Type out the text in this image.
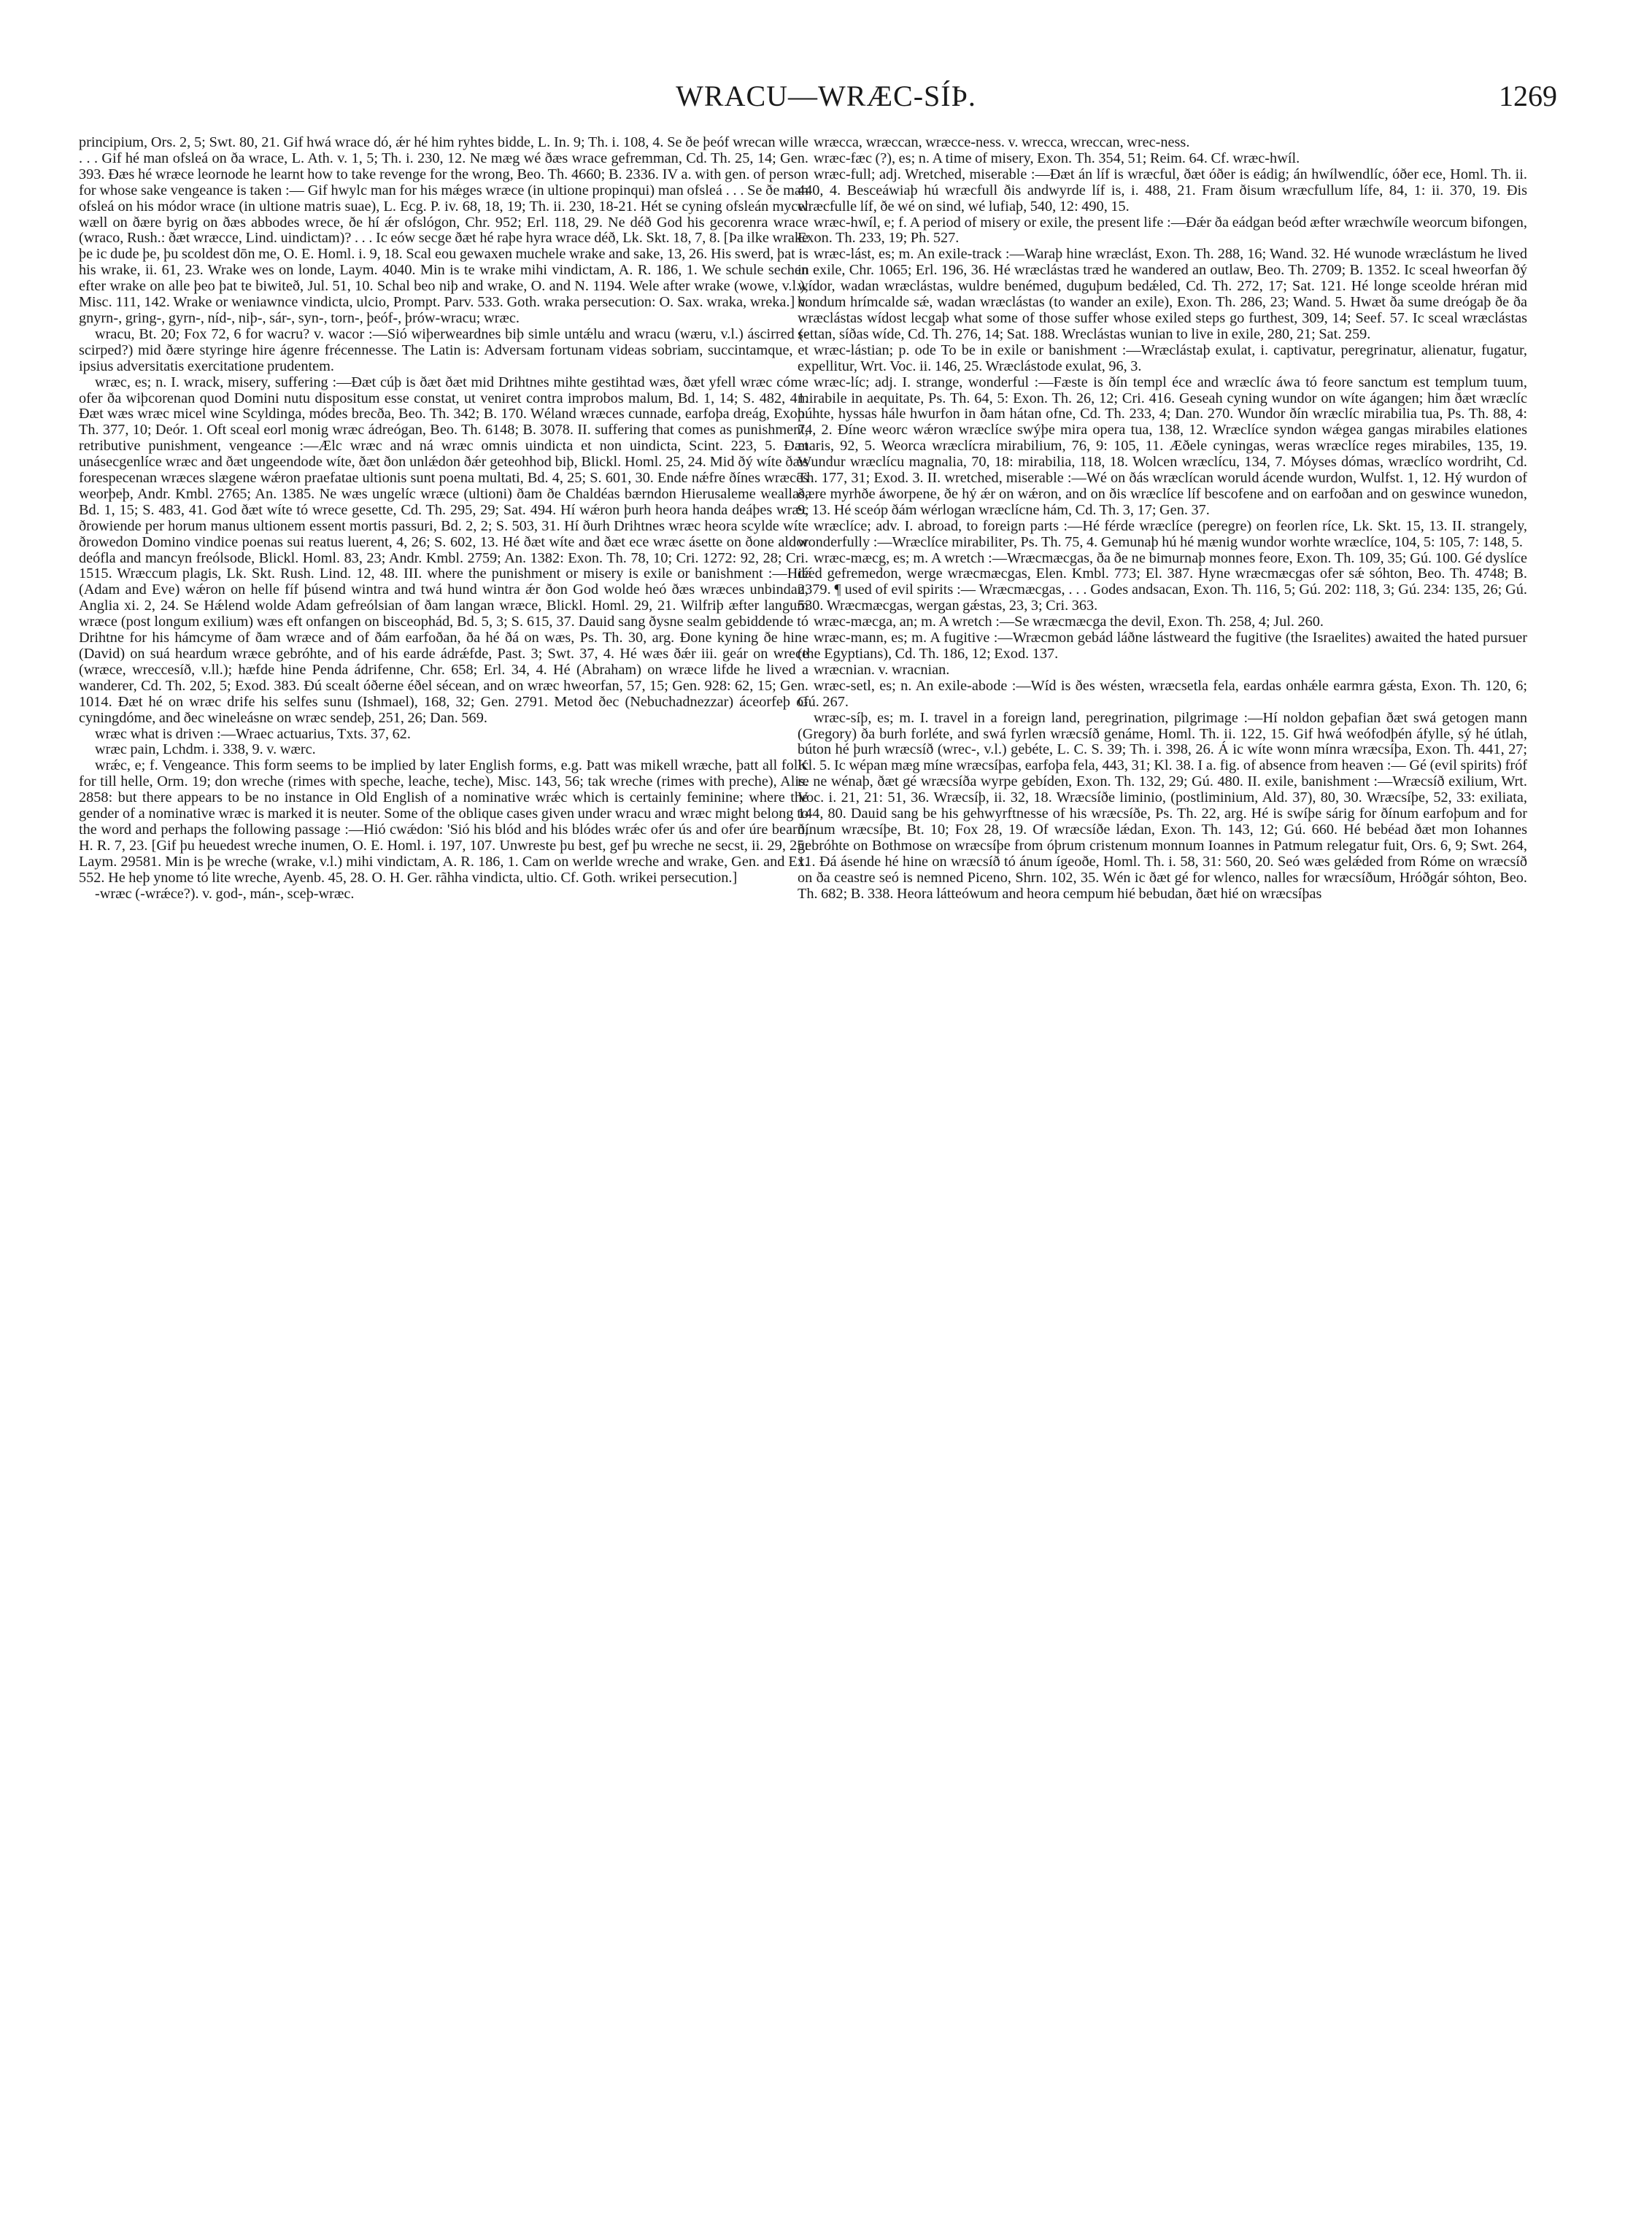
WRACU—WRÆC-SÍÞ.	1269

principium, Ors. 2, 5; Swt. 80, 21. Gif hwá wrace dó, ǽr hé him ryhtes bidde, L. In. 9; Th. i. 108, 4. Se ðe þeóf wrecan wille . . . Gif hé man ofsleá on ða wrace, L. Ath. v. 1, 5; Th. i. 230, 12. Ne mæg wé ðæs wrace gefremman, Cd. Th. 25, 14; Gen. 393. Ðæs hé wræce leornode he learnt how to take revenge for the wrong, Beo. Th. 4660; B. 2336. IV a. with gen. of person for whose sake vengeance is taken :— Gif hwylc man for his mǽges wræce (in ultione propinqui) man ofsleá . . . Se ðe man ofsleá on his módor wrace (in ultione matris suae), L. Ecg. P. iv. 68, 18, 19; Th. ii. 230, 18-21. Hét se cyning ofsleán mycel wæll on ðære byrig on ðæs abbodes wrece, ðe hí ǽr ofslógon, Chr. 952; Erl. 118, 29. Ne déð God his gecorenra wrace (wraco, Rush.: ðæt wræcce, Lind. uindictam)? . . . Ic eów secge ðæt hé raþe hyra wrace déð, Lk. Skt. 18, 7, 8. [Þa ilke wrake þe ic dude þe, þu scoldest dōn me, O. E. Homl. i. 9, 18. Scal eou gewaxen muchele wrake and sake, 13, 26. His swerd, þat is his wrake, ii. 61, 23. Wrake wes on londe, Laym. 4040. Min is te wrake mihi vindictam, A. R. 186, 1. We schule sechen efter wrake on alle þeo þat te biwiteð, Jul. 51, 10. Schal beo niþ and wrake, O. and N. 1194. Wele after wrake (wowe, v.l.), Misc. 111, 142. Wrake or weniawnce vindicta, ulcio, Prompt. Parv. 533. Goth. wraka persecution: O. Sax. wraka, wreka.] v. gnyrn-, gring-, gyrn-, níd-, niþ-, sár-, syn-, torn-, þeóf-, þrów-wracu; wræc.

wracu, Bt. 20; Fox 72, 6 for wacru? v. wacor :—Sió wiþerweardnes biþ simle untǽlu and wracu (wæru, v.l.) áscirred (-scirped?) mid ðære styringe hire ágenre frécennesse. The Latin is: Adversam fortunam videas sobriam, succintamque, et ipsius adversitatis exercitatione prudentem.

wræc, es; n. I. wrack, misery, suffering :—Ðæt cúþ is ðæt ðæt mid Drihtnes mihte gestihtad wæs, ðæt yfell wræc cóme ofer ða wiþcorenan quod Domini nutu dispositum esse constat, ut veniret contra improbos malum, Bd. 1, 14; S. 482, 41. Ðæt wæs wræc micel wine Scyldinga, módes brecða, Beo. Th. 342; B. 170. Wéland wræces cunnade, earfoþa dreág, Exon. Th. 377, 10; Deór. 1. Oft sceal eorl monig wræc ádreógan, Beo. Th. 6148; B. 3078. II. suffering that comes as punishment, retributive punishment, vengeance :—Ælc wræc and ná wræc omnis uindicta et non uindicta, Scint. 223, 5. Ðæt unásecgenlíce wræc and ðæt ungeendode wíte, ðæt ðon unlǽdon ðǽr geteohhod biþ, Blickl. Homl. 25, 24. Mid ðý wíte ðæs forespecenan wræces slægene wǽron praefatae ultionis sunt poena multati, Bd. 4, 25; S. 601, 30. Ende nǽfre ðínes wræces weorþeþ, Andr. Kmbl. 2765; An. 1385. Ne wæs ungelíc wræce (ultioni) ðam ðe Chaldéas bærndon Hierusaleme weallas, Bd. 1, 15; S. 483, 41. God ðæt wíte tó wrece gesette, Cd. Th. 295, 29; Sat. 494. Hí wǽron þurh heora handa deáþes wræc ðrowiende per horum manus ultionem essent mortis passuri, Bd. 2, 2; S. 503, 31. Hí ðurh Drihtnes wræc heora scylde wíte ðrowedon Domino vindice poenas sui reatus luerent, 4, 26; S. 602, 13. Hé ðæt wíte and ðæt ece wræc ásette on ðone aldor deófla and mancyn freólsode, Blickl. Homl. 83, 23; Andr. Kmbl. 2759; An. 1382: Exon. Th. 78, 10; Cri. 1272: 92, 28; Cri. 1515. Wræccum plagis, Lk. Skt. Rush. Lind. 12, 48. III. where the punishment or misery is exile or banishment :—Hié (Adam and Eve) wǽron on helle fíf þúsend wintra and twá hund wintra ǽr ðon God wolde heó ðæs wræces unbindan, Anglia xi. 2, 24. Se Hǽlend wolde Adam gefreólsian of ðam langan wræce, Blickl. Homl. 29, 21. Wilfriþ æfter langum wræce (post longum exilium) wæs eft onfangen on bisceophád, Bd. 5, 3; S. 615, 37. Dauid sang ðysne sealm gebiddende tó Drihtne for his hámcyme of ðam wræce and of ðám earfoðan, ða hé ðá on wæs, Ps. Th. 30, arg. Ðone kyning ðe hine (David) on suá heardum wræce gebróhte, and of his earde ádrǽfde, Past. 3; Swt. 37, 4. Hé wæs ðǽr iii. geár on wrece (wræce, wreccesíð, v.ll.); hæfde hine Penda ádrifenne, Chr. 658; Erl. 34, 4. Hé (Abraham) on wræce lifde he lived a wanderer, Cd. Th. 202, 5; Exod. 383. Ðú scealt óðerne éðel sécean, and on wræc hweorfan, 57, 15; Gen. 928: 62, 15; Gen. 1014. Ðæt hé on wræc drife his selfes sunu (Ishmael), 168, 32; Gen. 2791. Metod ðec (Nebuchadnezzar) áceorfeþ of cyningdóme, and ðec wineleásne on wræc sendeþ, 251, 26; Dan. 569.

wræc what is driven :—Wraec actuarius, Txts. 37, 62.

wræc pain, Lchdm. i. 338, 9. v. wærc.

wrǽc, e; f. Vengeance. This form seems to be implied by later English forms, e.g. Þatt was mikell wræche, þatt all follc for till helle, Orm. 19; don wreche (rimes with speche, leache, teche), Misc. 143, 56; tak wreche (rimes with preche), Alis. 2858: but there appears to be no instance in Old English of a nominative wrǽc which is certainly feminine; where the gender of a nominative wræc is marked it is neuter. Some of the oblique cases given under wracu and wræc might belong to the word and perhaps the following passage :—Hió cwǽdon: 'Sió his blód and his blódes wrǽc ofer ús and ofer úre bearn, H. R. 7, 23. [Gif þu heuedest wreche inumen, O. E. Homl. i. 197, 107. Unwreste þu best, gef þu wreche ne secst, ii. 29, 25: Laym. 29581. Min is þe wreche (wrake, v.l.) mihi vindictam, A. R. 186, 1. Cam on werlde wreche and wrake, Gen. and Ex. 552. He heþ ynome tó lite wreche, Ayenb. 45, 28. O. H. Ger. rãhha vindicta, ultio. Cf. Goth. wrikei persecution.]

-wræc (-wrǽce?). v. god-, mán-, sceþ-wræc.

wræcca, wræccan, wræcce-ness. v. wrecca, wreccan, wrec-ness.

wræc-fæc (?), es; n. A time of misery, Exon. Th. 354, 51; Reim. 64. Cf. wræc-hwíl.

wræc-full; adj. Wretched, miserable :—Ðæt án líf is wræcful, ðæt óðer is eádig; án hwílwendlíc, óðer ece, Homl. Th. ii. 440, 4. Besceáwiaþ hú wræcfull ðis andwyrde líf is, i. 488, 21. Fram ðisum wræcfullum lífe, 84, 1: ii. 370, 19. Ðis wræcfulle líf, ðe wé on sind, wé lufiaþ, 540, 12: 490, 15.

wræc-hwíl, e; f. A period of misery or exile, the present life :—Ðǽr ða eádgan beód æfter wræchwíle weorcum bifongen, Exon. Th. 233, 19; Ph. 527.

wræc-lást, es; m. An exile-track :—Waraþ hine wræclást, Exon. Th. 288, 16; Wand. 32. Hé wunode wræclástum he lived in exile, Chr. 1065; Erl. 196, 36. Hé wræclástas træd he wandered an outlaw, Beo. Th. 2709; B. 1352. Ic sceal hweorfan ðý wídor, wadan wræclástas, wuldre benémed, duguþum bedǽled, Cd. Th. 272, 17; Sat. 121. Hé longe sceolde hréran mid hondum hrímcalde sǽ, wadan wræclástas (to wander an exile), Exon. Th. 286, 23; Wand. 5. Hwæt ða sume dreógaþ ðe ða wræclástas wídost lecgaþ what some of those suffer whose exiled steps go furthest, 309, 14; Seef. 57. Ic sceal wræclástas settan, síðas wíde, Cd. Th. 276, 14; Sat. 188. Wreclástas wunian to live in exile, 280, 21; Sat. 259.

wræc-lástian; p. ode To be in exile or banishment :—Wræclástaþ exulat, i. captivatur, peregrinatur, alienatur, fugatur, expellitur, Wrt. Voc. ii. 146, 25. Wræclástode exulat, 96, 3.

wræc-líc; adj. I. strange, wonderful :—Fæste is ðín templ éce and wræclíc áwa tó feore sanctum est templum tuum, mirabile in aequitate, Ps. Th. 64, 5: Exon. Th. 26, 12; Cri. 416. Geseah cyning wundor on wíte ágangen; him ðæt wræclíc þúhte, hyssas hále hwurfon in ðam hátan ofne, Cd. Th. 233, 4; Dan. 270. Wundor ðín wræclíc mirabilia tua, Ps. Th. 88, 4: 74, 2. Ðíne weorc wǽron wræclíce swýþe mira opera tua, 138, 12. Wræclíce syndon wǽgea gangas mirabiles elationes maris, 92, 5. Weorca wræclícra mirabilium, 76, 9: 105, 11. Æðele cyningas, weras wræclíce reges mirabiles, 135, 19. Wundur wræclícu magnalia, 70, 18: mirabilia, 118, 18. Wolcen wræclícu, 134, 7. Móyses dómas, wræclíco wordriht, Cd. Th. 177, 31; Exod. 3. II. wretched, miserable :—Wé on ðás wræclícan woruld ácende wurdon, Wulfst. 1, 12. Hý wurdon of ðære myrhðe áworpene, ðe hý ǽr on wǽron, and on ðis wræclíce líf bescofene and on earfoðan and on geswince wunedon, 9, 13. Hé sceóp ðám wérlogan wræclícne hám, Cd. Th. 3, 17; Gen. 37.

wræclíce; adv. I. abroad, to foreign parts :—Hé férde wræclíce (peregre) on feorlen ríce, Lk. Skt. 15, 13. II. strangely, wonderfully :—Wræclíce mirabiliter, Ps. Th. 75, 4. Gemunaþ hú hé mænig wundor worhte wræclíce, 104, 5: 105, 7: 148, 5.

wræc-mæcg, es; m. A wretch :—Wræcmæcgas, ða ðe ne bimurnaþ monnes feore, Exon. Th. 109, 35; Gú. 100. Gé dyslíce dǽd gefremedon, werge wræcmæcgas, Elen. Kmbl. 773; El. 387. Hyne wræcmæcgas ofer sǽ sóhton, Beo. Th. 4748; B. 2379. ¶ used of evil spirits :— Wræcmæcgas, . . . Godes andsacan, Exon. Th. 116, 5; Gú. 202: 118, 3; Gú. 234: 135, 26; Gú. 530. Wræcmæcgas, wergan gǽstas, 23, 3; Cri. 363.

wræc-mæcga, an; m. A wretch :—Se wræcmæcga the devil, Exon. Th. 258, 4; Jul. 260.

wræc-mann, es; m. A fugitive :—Wræcmon gebád láðne lástweard the fugitive (the Israelites) awaited the hated pursuer (the Egyptians), Cd. Th. 186, 12; Exod. 137.

wræcnian. v. wracnian.

wræc-setl, es; n. An exile-abode :—Wíd is ðes wésten, wræcsetla fela, eardas onhǽle earmra gǽsta, Exon. Th. 120, 6; Gú. 267.

wræc-síþ, es; m. I. travel in a foreign land, peregrination, pilgrimage :—Hí noldon geþafian ðæt swá getogen mann (Gregory) ða burh forléte, and swá fyrlen wræcsíð genáme, Homl. Th. ii. 122, 15. Gif hwá weófodþén áfylle, sý hé útlah, búton hé þurh wræcsíð (wrec-, v.l.) gebéte, L. C. S. 39; Th. i. 398, 26. Á ic wíte wonn mínra wræcsíþa, Exon. Th. 441, 27; Kl. 5. Ic wépan mæg míne wræcsíþas, earfoþa fela, 443, 31; Kl. 38. I a. fig. of absence from heaven :— Gé (evil spirits) fróf re ne wénaþ, ðæt gé wræcsíða wyrpe gebíden, Exon. Th. 132, 29; Gú. 480. II. exile, banishment :—Wræcsíð exilium, Wrt. Voc. i. 21, 21: 51, 36. Wræcsíþ, ii. 32, 18. Wræcsíðe liminio, (postliminium, Ald. 37), 80, 30. Wræcsíþe, 52, 33: exiliata, 144, 80. Dauid sang be his gehwyrftnesse of his wræcsíðe, Ps. Th. 22, arg. Hé is swíþe sárig for ðínum earfoþum and for ðínum wræcsíþe, Bt. 10; Fox 28, 19. Of wræcsíðe lǽdan, Exon. Th. 143, 12; Gú. 660. Hé bebéad ðæt mon Iohannes gebróhte on Bothmose on wræcsíþe from óþrum cristenum monnum Ioannes in Patmum relegatur fuit, Ors. 6, 9; Swt. 264, 11. Ðá ásende hé hine on wræcsíð tó ánum ígeoðe, Homl. Th. i. 58, 31: 560, 20. Seó wæs gelǽded from Róme on wræcsíð on ða ceastre seó is nemned Piceno, Shrn. 102, 35. Wén ic ðæt gé for wlenco, nalles for wræcsíðum, Hróðgár sóhton, Beo. Th. 682; B. 338. Heora látteówum and heora cempum hié bebudan, ðæt hié on wræcsíþas
